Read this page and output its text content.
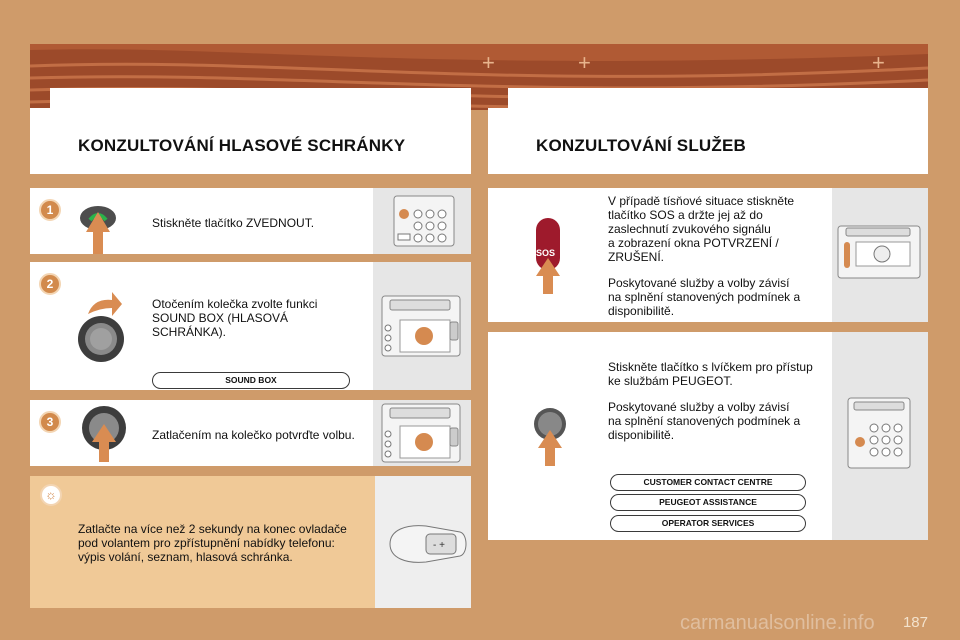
+	+	+
KONZULTOVÁNÍ HLASOVÉ SCHRÁNKY	KONZULTOVÁNÍ SLUŽEB
Stiskněte tlačítko ZVEDNOUT.
1
Otočením kolečka zvolte funkci
SOUND BOX (HLASOVÁ
SCHRÁNKA).
SOUND BOX
2
Zatlačením na kolečko potvrďte volbu.
3
Zatlačte na více než 2 sekundy na konec ovladače
pod volantem pro zpřístupnění nabídky telefonu:
výpis volání, seznam, hlasová schránka.
- +
☼
V případě tísňové situace stiskněte
tlačítko SOS a držte jej až do
zaslechnutí zvukového signálu
a zobrazení okna POTVRZENÍ /
ZRUŠENÍ.
Poskytované služby a volby závisí
na splnění stanovených podmínek a
disponibilitě.
SOS
Stiskněte tlačítko s lvíčkem pro přístup
ke službám PEUGEOT.
Poskytované služby a volby závisí
na splnění stanovených podmínek a
disponibilitě.
CUSTOMER CONTACT CENTRE
PEUGEOT ASSISTANCE
OPERATOR SERVICES
187
carmanualsonline.info
